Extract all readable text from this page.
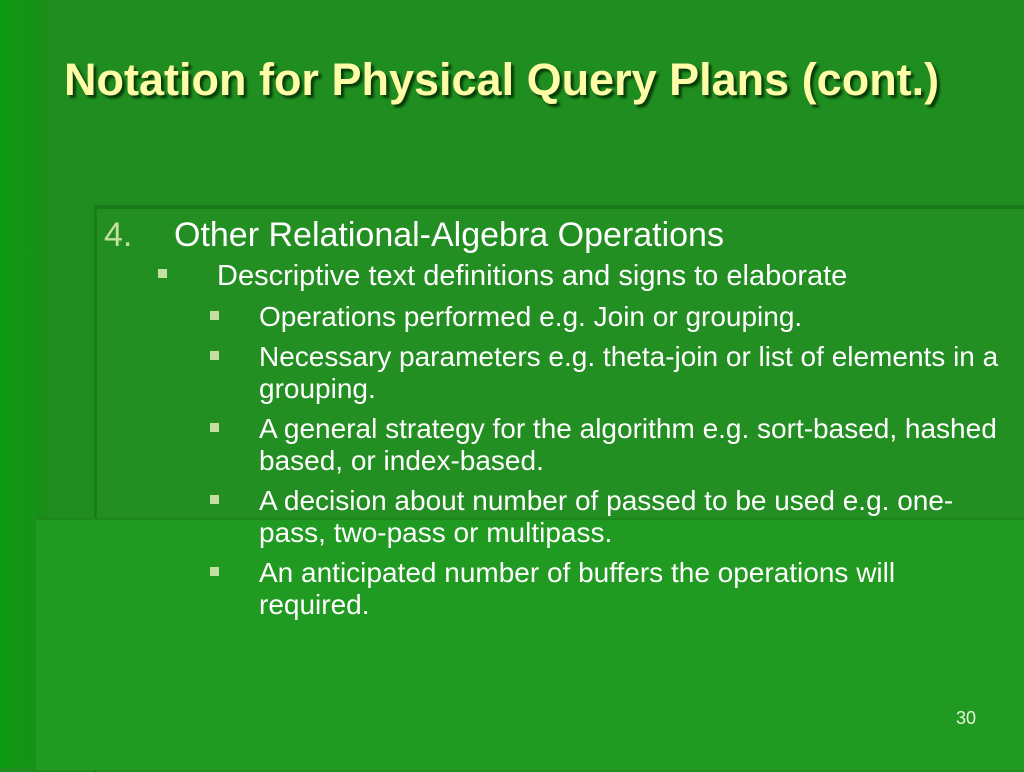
Notation for Physical Query Plans (cont.)
4. Other Relational-Algebra Operations
Descriptive text definitions and signs to elaborate
Operations performed e.g. Join or grouping.
Necessary parameters e.g. theta-join or list of elements in a grouping.
A general strategy for the algorithm e.g. sort-based, hashed based, or index-based.
A decision about number of passed to be used e.g. one-pass, two-pass or multipass.
An anticipated number of buffers the operations will required.
30
